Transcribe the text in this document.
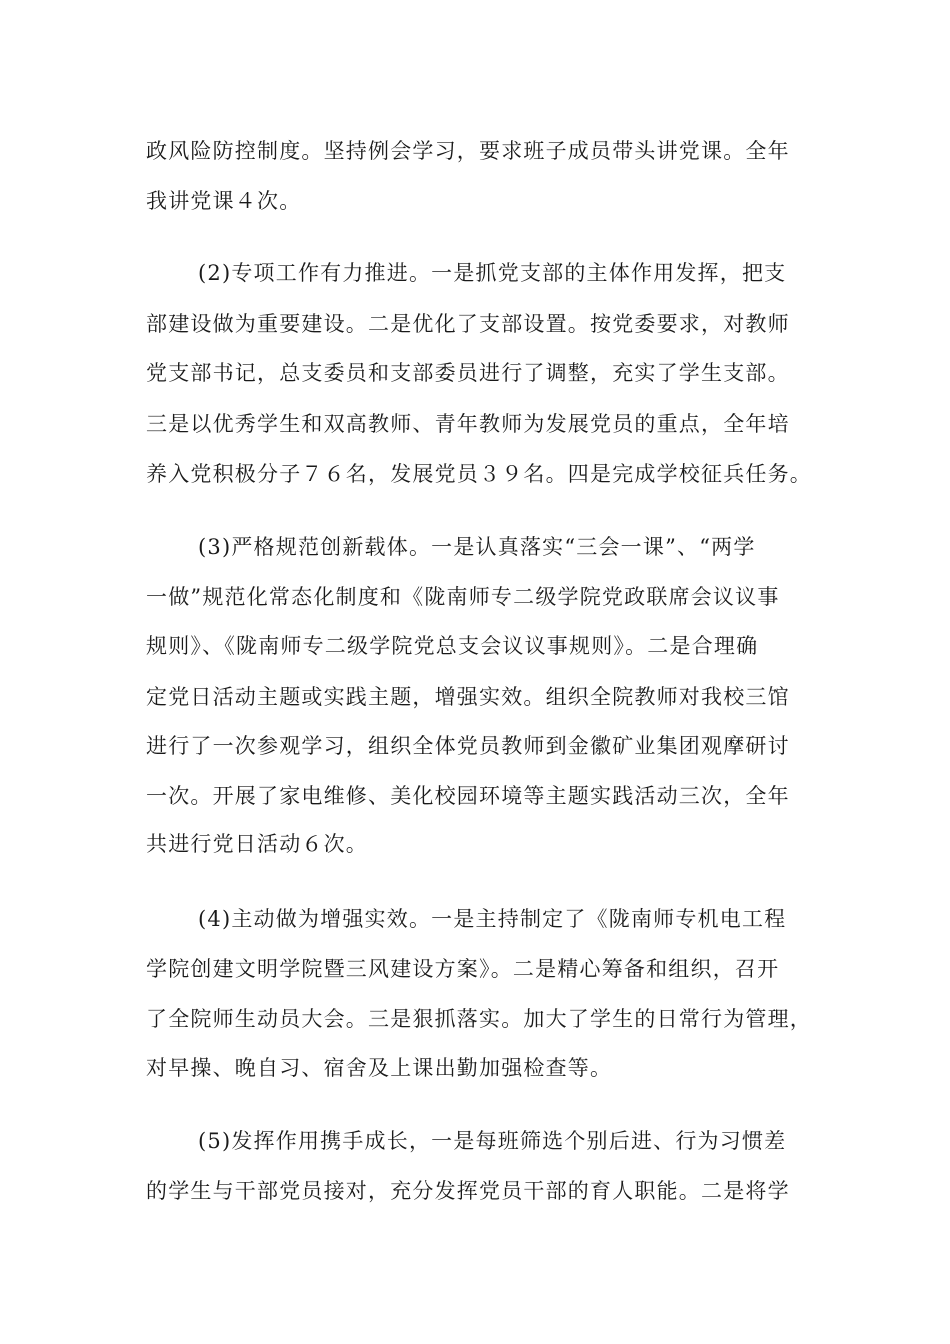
政风险防控制度。坚持例会学习，要求班子成员带头讲党课。全年
我讲党课４次。
(2)专项工作有力推进。一是抓党支部的主体作用发挥，把支
部建设做为重要建设。二是优化了支部设置。按党委要求，对教师
党支部书记，总支委员和支部委员进行了调整，充实了学生支部。
三是以优秀学生和双高教师、青年教师为发展党员的重点，全年培
养入党积极分子７６名，发展党员３９名。四是完成学校征兵任务。
(3)严格规范创新载体。一是认真落实“三会一课”、“两学
一做”规范化常态化制度和《陇南师专二级学院党政联席会议议事
规则》、《陇南师专二级学院党总支会议议事规则》。二是合理确
定党日活动主题或实践主题，增强实效。组织全院教师对我校三馆
进行了一次参观学习，组织全体党员教师到金徽矿业集团观摩研讨
一次。开展了家电维修、美化校园环境等主题实践活动三次，全年
共进行党日活动６次。
(4)主动做为增强实效。一是主持制定了《陇南师专机电工程
学院创建文明学院暨三风建设方案》。二是精心筹备和组织，召开
了全院师生动员大会。三是狠抓落实。加大了学生的日常行为管理，
对早操、晚自习、宿舍及上课出勤加强检查等。
(5)发挥作用携手成长，一是每班筛选个别后进、行为习惯差
的学生与干部党员接对，充分发挥党员干部的育人职能。二是将学
